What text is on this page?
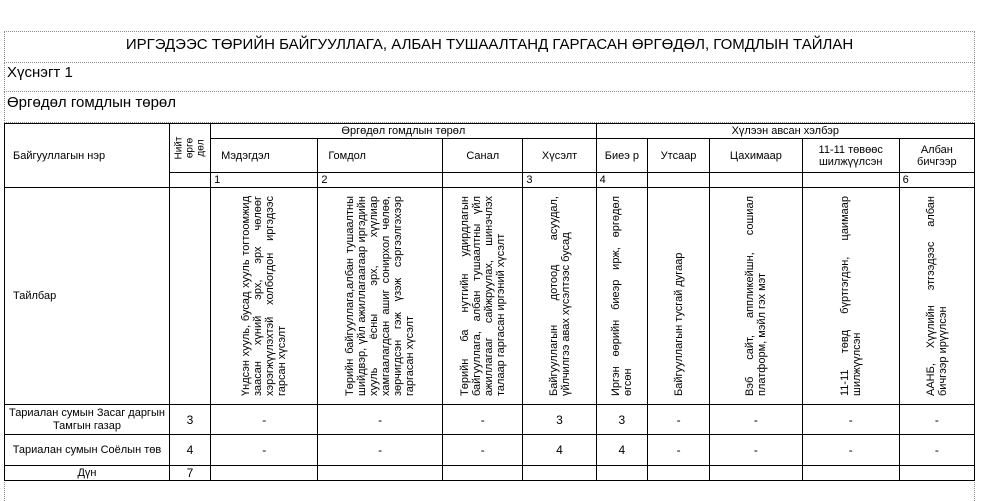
ИРГЭДЭЭС ТӨРИЙН БАЙГУУЛЛАГА, АЛБАН ТУШААЛТАНД ГАРГАСАН ӨРГӨДӨЛ, ГОМДЛЫН ТАЙЛАН
Хүснэгт 1
Өргөдөл гомдлын төрөл
Байгууллагын нэр	Нийт өргө дөл	Өргөдөл гомдлын төрөл				Хүлээн авсан хэлбэр				
		Мэдэгдэл	Гомдол	Санал	Хүсэлт	Биеэ р	Утсаар	Цахимаар	11-11 төвөөс шилжүүлсэн	Албан бичгээр
		1	2		3	4				6
Тайлбар		Үндсэн хууль, бусад хууль тогтоомжид заасан хүний эрх, эрх чөлөөг хэрэгжүүлэхтэй холбогдон иргэдээс гарсан хүсэлт	Төрийн байгууллага,албан тушаалтны шийдвэр, үйл ажиллагаагаар иргэдийн хууль ёсны эрх, хүүлиар хамгаалагдсан ашиг сонирхол чөлөө, зөрчигдсэн гэж үзэж сэргээлгэхээр гаргасан хүсэлт	Төрийн ба нутгийн удирдлагын байгууллага, албан тушаалтны үйл ажиллагааг сайжруулах, шинэчлэх талаар гаргасан иргэний хүсэлт	Байгууллагын дотоод асуудал, үйлчилгээ авах хүсэлтээс бусад	Иргэн өөрийн биеэр ирж, өргөдөл өгсөн	Байгууллагын тусгай дугаар	Вэб сайт, аппликейшн, сошиал платформ, мэйл гэх мэт	11-11 төвд бүртгэгдэн, цаимаар шилжүүлсэн	ААНБ, Хүүлийн этгээдээс албан бичгээр ирүүлсэн

Тариалан сумын Засаг даргын Тамгын газар	3	-	-	-	3	3	-	-	-	-
Тариалан сумын Соёлын төв	4	-	-	-	4	4	-	-	-	-
Дүн	7									
